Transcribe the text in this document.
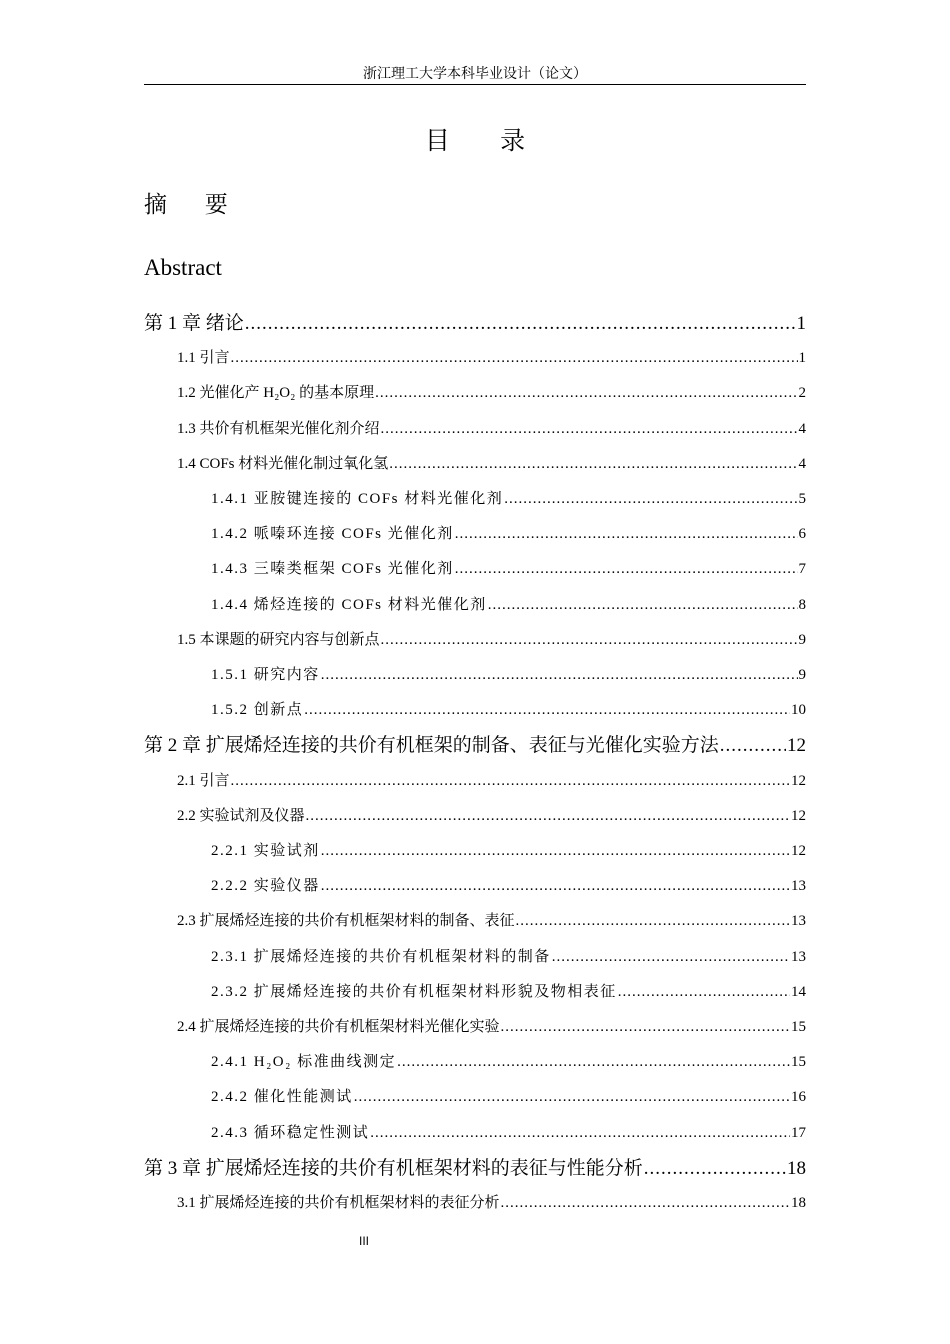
浙江理工大学本科毕业设计（论文）
目 录
摘 要
Abstract
第 1 章 绪论 .....	1
1.1 引言 .....	1
1.2 光催化产 H₂O₂ 的基本原理 .....	2
1.3 共价有机框架光催化剂介绍 .....	4
1.4 COFs 材料光催化制过氧化氢 .....	4
1.4.1 亚胺键连接的 COFs 材料光催化剂 .....	5
1.4.2 哌嗪环连接 COFs 光催化剂 .....	6
1.4.3 三嗪类框架 COFs 光催化剂 .....	7
1.4.4 烯烃连接的 COFs 材料光催化剂 .....	8
1.5 本课题的研究内容与创新点 .....	9
1.5.1 研究内容 .....	9
1.5.2 创新点 .....	10
第 2 章 扩展烯烃连接的共价有机框架的制备、表征与光催化实验方法 .....	12
2.1 引言 .....	12
2.2 实验试剂及仪器 .....	12
2.2.1 实验试剂 .....	12
2.2.2 实验仪器 .....	13
2.3 扩展烯烃连接的共价有机框架材料的制备、表征 .....	13
2.3.1 扩展烯烃连接的共价有机框架材料的制备 .....	13
2.3.2 扩展烯烃连接的共价有机框架材料形貌及物相表征 .....	14
2.4 扩展烯烃连接的共价有机框架材料光催化实验 .....	15
2.4.1 H₂O₂ 标准曲线测定 .....	15
2.4.2 催化性能测试 .....	16
2.4.3 循环稳定性测试 .....	17
第 3 章 扩展烯烃连接的共价有机框架材料的表征与性能分析 .....	18
3.1 扩展烯烃连接的共价有机框架材料的表征分析 .....	18
III
